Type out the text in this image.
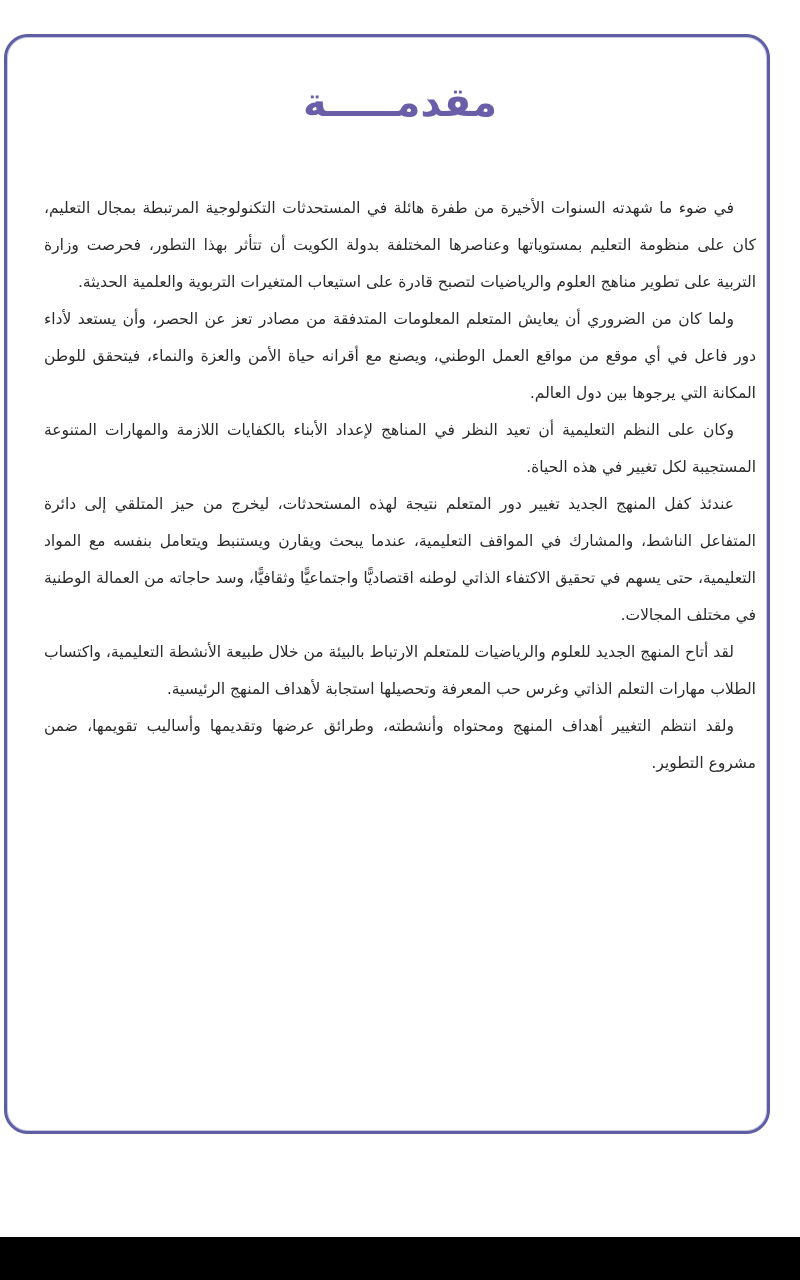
مقدمـــــة

في ضوء ما شهدته السنوات الأخيرة من طفرة هائلة في المستحدثات التكنولوجية المرتبطة بمجال التعليم، كان على منظومة التعليم بمستوياتها وعناصرها المختلفة بدولة الكويت أن تتأثر بهذا التطور، فحرصت وزارة التربية على تطوير مناهج العلوم والرياضيات لتصبح قادرة على استيعاب المتغيرات التربوية والعلمية الحديثة.

ولما كان من الضروري أن يعايش المتعلم المعلومات المتدفقة من مصادر تعز عن الحصر، وأن يستعد لأداء دور فاعل في أي موقع من مواقع العمل الوطني، ويصنع مع أقرانه حياة الأمن والعزة والنماء، فيتحقق للوطن المكانة التي يرجوها بين دول العالم.

وكان على النظم التعليمية أن تعيد النظر في المناهج لإعداد الأبناء بالكفايات اللازمة والمهارات المتنوعة المستجيبة لكل تغيير في هذه الحياة.

عندئذ كفل المنهج الجديد تغيير دور المتعلم نتيجة لهذه المستحدثات، ليخرج من حيز المتلقي إلى دائرة المتفاعل الناشط، والمشارك في المواقف التعليمية، عندما يبحث ويقارن ويستنبط ويتعامل بنفسه مع المواد التعليمية، حتى يسهم في تحقيق الاكتفاء الذاتي لوطنه اقتصاديًّا واجتماعيًّا وثقافيًّا، وسد حاجاته من العمالة الوطنية في مختلف المجالات.

لقد أتاح المنهج الجديد للعلوم والرياضيات للمتعلم الارتباط بالبيئة من خلال طبيعة الأنشطة التعليمية، واكتساب الطلاب مهارات التعلم الذاتي وغرس حب المعرفة وتحصيلها استجابة لأهداف المنهج الرئيسية.

ولقد انتظم التغيير أهداف المنهج ومحتواه وأنشطته، وطرائق عرضها وتقديمها وأساليب تقويمها، ضمن مشروع التطوير.
